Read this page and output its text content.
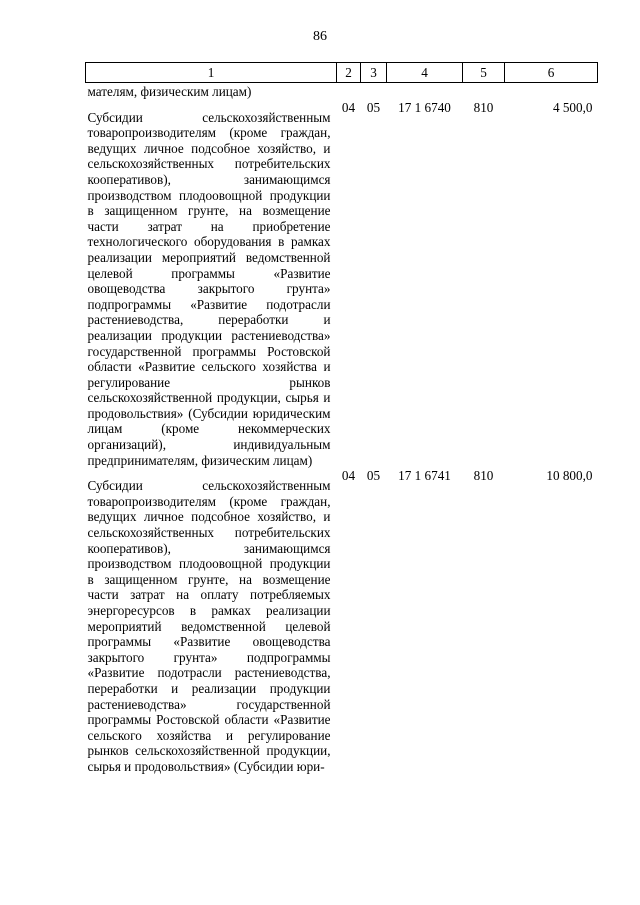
86
1	2	3	4	5	6
мателям, физическим лицам)					
Субсидии сельскохозяйственным товаропроизводителям (кроме граждан, ведущих личное подсобное хозяйство, и сельскохозяйственных потребительских кооперативов), занимающимся производством плодоовощной продукции в защищенном грунте, на возмещение части затрат на приобретение технологического оборудования в рамках реализации мероприятий ведомственной целевой программы «Развитие овощеводства закрытого грунта» подпрограммы «Развитие подотрасли растениеводства, переработки и реализации продукции растениеводства» государственной программы Ростовской области «Развитие сельского хозяйства и регулирование рынков сельскохозяйственной продукции, сырья и продовольствия» (Субсидии юридическим лицам (кроме некоммерческих организаций), индивидуальным предпринимателям, физическим лицам)	04	05	17 1 6740	810	4 500,0
Субсидии сельскохозяйственным товаропроизводителям (кроме граждан, ведущих личное подсобное хозяйство, и сельскохозяйственных потребительских кооперативов), занимающимся производством плодоовощной продукции в защищенном грунте, на возмещение части затрат на оплату потребляемых энергоресурсов в рамках реализации мероприятий ведомственной целевой программы «Развитие овощеводства закрытого грунта» подпрограммы «Развитие подотрасли растениеводства, переработки и реализации продукции растениеводства» государственной программы Ростовской области «Развитие сельского хозяйства и регулирование рынков сельскохозяйственной продукции, сырья и продовольствия» (Субсидии юри-	04	05	17 1 6741	810	10 800,0
